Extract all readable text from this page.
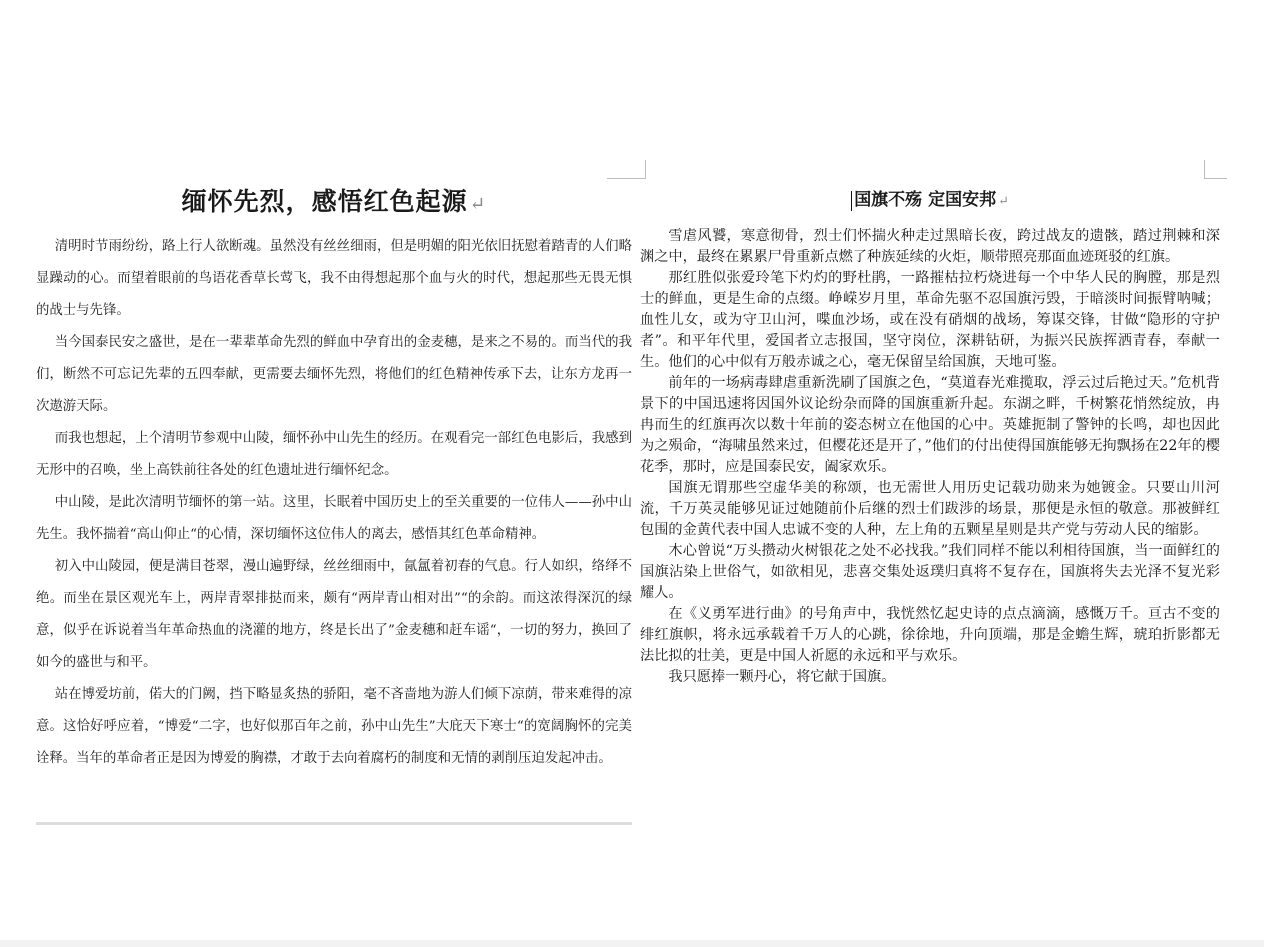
缅怀先烈，感悟红色起源 ↵

清明时节雨纷纷，路上行人欲断魂。虽然没有丝丝细雨，但是明媚的阳光依旧抚慰着踏青的人们略显躁动的心。而望着眼前的鸟语花香草长莺飞，我不由得想起那个血与火的时代，想起那些无畏无惧的战士与先锋。

当今国泰民安之盛世，是在一辈辈革命先烈的鲜血中孕育出的金麦穗，是来之不易的。而当代的我们，断然不可忘记先辈的五四奉献，更需要去缅怀先烈，将他们的红色精神传承下去，让东方龙再一次遨游天际。

而我也想起，上个清明节参观中山陵，缅怀孙中山先生的经历。在观看完一部红色电影后，我感到无形中的召唤，坐上高铁前往各处的红色遗址进行缅怀纪念。

中山陵，是此次清明节缅怀的第一站。这里，长眠着中国历史上的至关重要的一位伟人——孙中山先生。我怀揣着“高山仰止“的心情，深切缅怀这位伟人的离去，感悟其红色革命精神。

初入中山陵园，便是满目苍翠，漫山遍野绿，丝丝细雨中，氤氲着初春的气息。行人如织，络绎不绝。而坐在景区观光车上，两岸青翠排挞而来，颇有“两岸青山相对出”“的余韵。而这浓得深沉的绿意，似乎在诉说着当年革命热血的浇灌的地方，终是长出了”金麦穗和赶车谣“，一切的努力，换回了如今的盛世与和平。

站在博爱坊前，偌大的门阙，挡下略显炙热的骄阳，毫不吝啬地为游人们倾下凉荫，带来难得的凉意。这恰好呼应着，“博爱“二字，也好似那百年之前，孙中山先生”大庇天下寒士“的宽阔胸怀的完美诠释。当年的革命者正是因为博爱的胸襟，才敢于去向着腐朽的制度和无情的剥削压迫发起冲击。

国旗不殇 定国安邦 ↵

雪虐风饕，寒意彻骨，烈士们怀揣火种走过黑暗长夜，跨过战友的遗骸，踏过荆棘和深渊之中，最终在累累尸骨重新点燃了种族延续的火炬，顺带照亮那面血迹斑驳的红旗。

那红胜似张爱玲笔下灼灼的野杜鹃，一路摧枯拉朽烧进每一个中华人民的胸膛，那是烈士的鲜血，更是生命的点缀。峥嵘岁月里，革命先驱不忍国旗污毁，于暗淡时间振臂呐喊；血性儿女，或为守卫山河，喋血沙场，或在没有硝烟的战场，筹谋交锋，甘做“隐形的守护者”。和平年代里，爱国者立志报国，坚守岗位，深耕钻研，为振兴民族挥洒青春，奉献一生。他们的心中似有万般赤诚之心，毫无保留呈给国旗，天地可鉴。

前年的一场病毒肆虐重新洗刷了国旗之色，“莫道春光难揽取，浮云过后艳过天。”危机背景下的中国迅速将因国外议论纷杂而降的国旗重新升起。东湖之畔，千树繁花悄然绽放，冉冉而生的红旗再次以数十年前的姿态树立在他国的心中。英雄扼制了警钟的长鸣，却也因此为之殒命，“海啸虽然来过，但樱花还是开了，”他们的付出使得国旗能够无拘飘扬在22年的樱花季，那时，应是国泰民安，阖家欢乐。

国旗无谓那些空虚华美的称颂，也无需世人用历史记载功勋来为她镀金。只要山川河流，千万英灵能够见证过她随前仆后继的烈士们跋涉的场景，那便是永恒的敬意。那被鲜红包围的金黄代表中国人忠诚不变的人种，左上角的五颗星星则是共产党与劳动人民的缩影。

木心曾说“万头攒动火树银花之处不必找我。”我们同样不能以利相待国旗，当一面鲜红的国旗沾染上世俗气，如欲相见，悲喜交集处返璞归真将不复存在，国旗将失去光泽不复光彩耀人。

在《义勇军进行曲》的号角声中，我恍然忆起史诗的点点滴滴，感慨万千。亘古不变的绯红旗帜，将永远承载着千万人的心跳，徐徐地，升向顶端，那是金蟾生辉，琥珀折影都无法比拟的壮美，更是中国人祈愿的永远和平与欢乐。

我只愿捧一颗丹心，将它献于国旗。
